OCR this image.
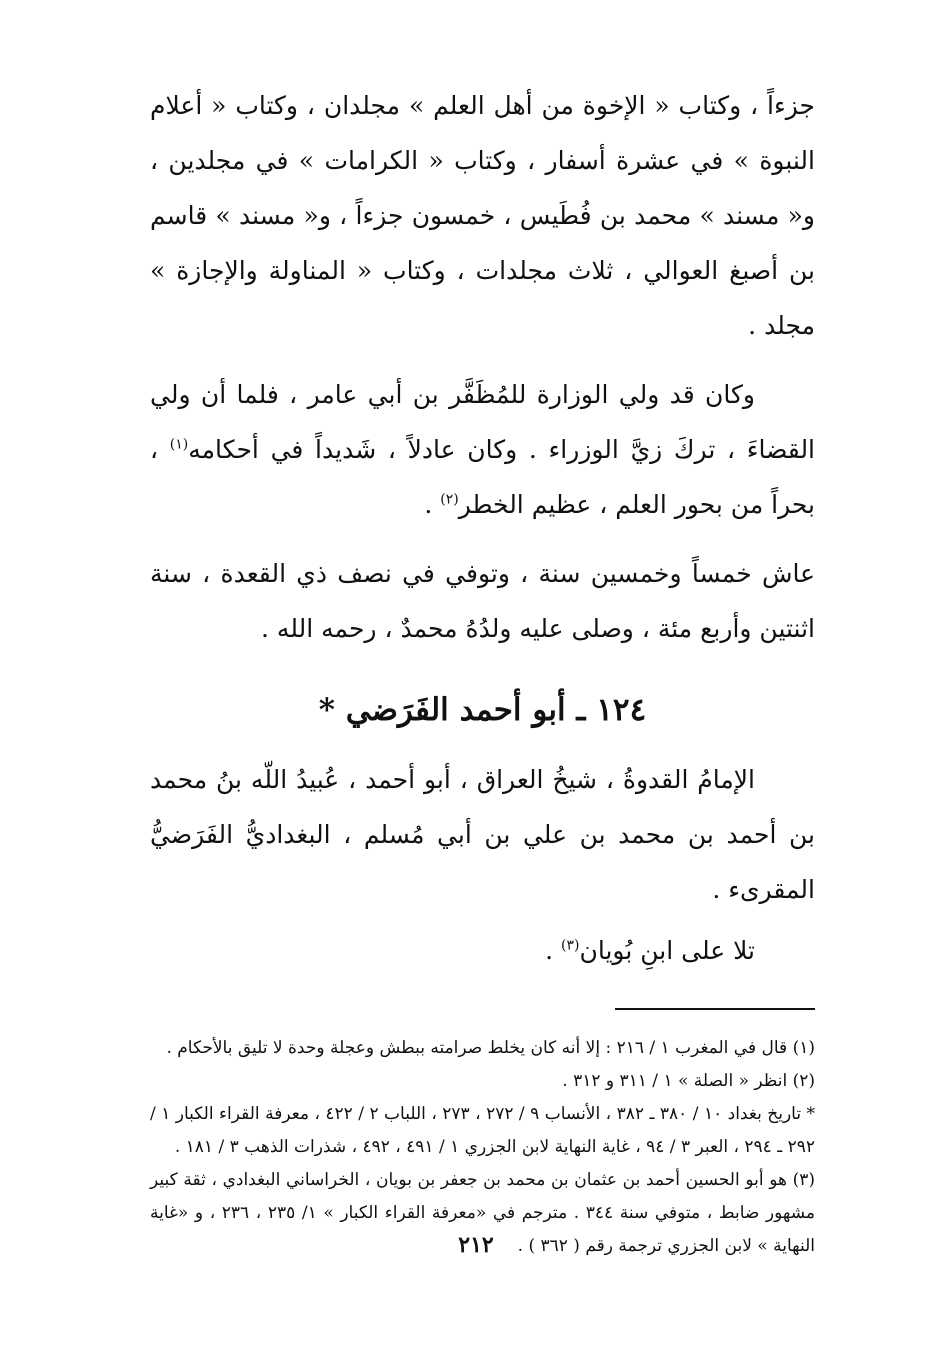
جزءاً ، وكتاب « الإخوة من أهل العلم » مجلدان ، وكتاب « أعلام النبوة » في عشرة أسفار ، وكتاب « الكرامات » في مجلدين ، و« مسند » محمد بن فُطَيس ، خمسون جزءاً ، و« مسند » قاسم بن أصبغ العوالي ، ثلاث مجلدات ، وكتاب « المناولة والإجازة » مجلد .

وكان قد ولي الوزارة للمُظَفَّر بن أبي عامر ، فلما أن ولي القضاءَ ، تركَ زيَّ الوزراء . وكان عادلاً ، شَديداً في أحكامه$^{(١)}$ ، بحراً من بحور العلم ، عظيم الخطر$^{(٢)}$ .

عاش خمساً وخمسين سنة ، وتوفي في نصف ذي القعدة ، سنة اثنتين وأربع مئة ، وصلى عليه ولدُهُ محمدٌ ، رحمه الله .

١٢٤ ـ أبو أحمد الفَرَضي *

الإمامُ القدوةُ ، شيخُ العراق ، أبو أحمد ، عُبيدُ اللّه بنُ محمد بن أحمد بن محمد بن علي بن أبي مُسلم ، البغداديُّ الفَرَضيُّ المقرىء .

تلا على ابنِ بُويان$^{(٣)}$ .

(١) قال في المغرب ١ / ٢١٦ : إلا أنه كان يخلط صرامته ببطش وعجلة وحدة لا تليق بالأحكام .

(٢) انظر « الصلة » ١ / ٣١١ و ٣١٢ .

* تاريخ بغداد ١٠ / ٣٨٠ ـ ٣٨٢ ، الأنساب ٩ / ٢٧٢ ، ٢٧٣ ، اللباب ٢ / ٤٢٢ ، معرفة القراء الكبار ١ / ٢٩٢ ـ ٢٩٤ ، العبر ٣ / ٩٤ ، غاية النهاية لابن الجزري ١ / ٤٩١ ، ٤٩٢ ، شذرات الذهب ٣ / ١٨١ .

(٣) هو أبو الحسين أحمد بن عثمان بن محمد بن جعفر بن بويان ، الخراساني البغدادي ، ثقة كبير مشهور ضابط ، متوفي سنة ٣٤٤ . مترجم في «معرفة القراء الكبار » ١/ ٢٣٥ ، ٢٣٦ ، و «غاية النهاية » لابن الجزري ترجمة رقم ( ٣٦٢ ) .

٢١٢
